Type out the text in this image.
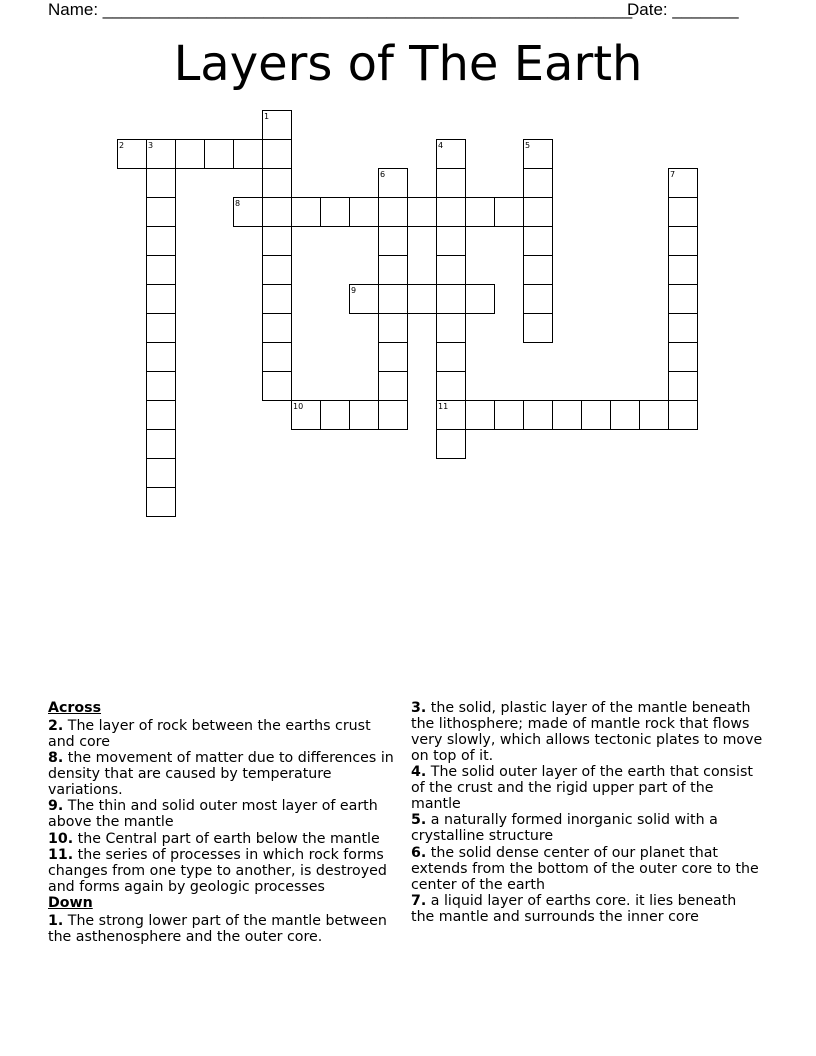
Name: ________________________________________________________
Date: _______
Layers of The Earth
1
2	3	4
11
5
6	7
8
9
10
Across
2. The layer of rock between the earths crust and core
8. the movement of matter due to differences in density that are caused by temperature variations.
9. The thin and solid outer most layer of earth above the mantle
10. the Central part of earth below the mantle
11. the series of processes in which rock forms changes from one type to another, is destroyed and forms again by geologic processes
Down
1. The strong lower part of the mantle between the asthenosphere and the outer core.
3. the solid, plastic layer of the mantle beneath the lithosphere; made of mantle rock that flows very slowly, which allows tectonic plates to move on top of it.
4. The solid outer layer of the earth that consist of the crust and the rigid upper part of the mantle
5. a naturally formed inorganic solid with a crystalline structure
6. the solid dense center of our planet that extends from the bottom of the outer core to the center of the earth
7. a liquid layer of earths core. it lies beneath the mantle and surrounds the inner core
